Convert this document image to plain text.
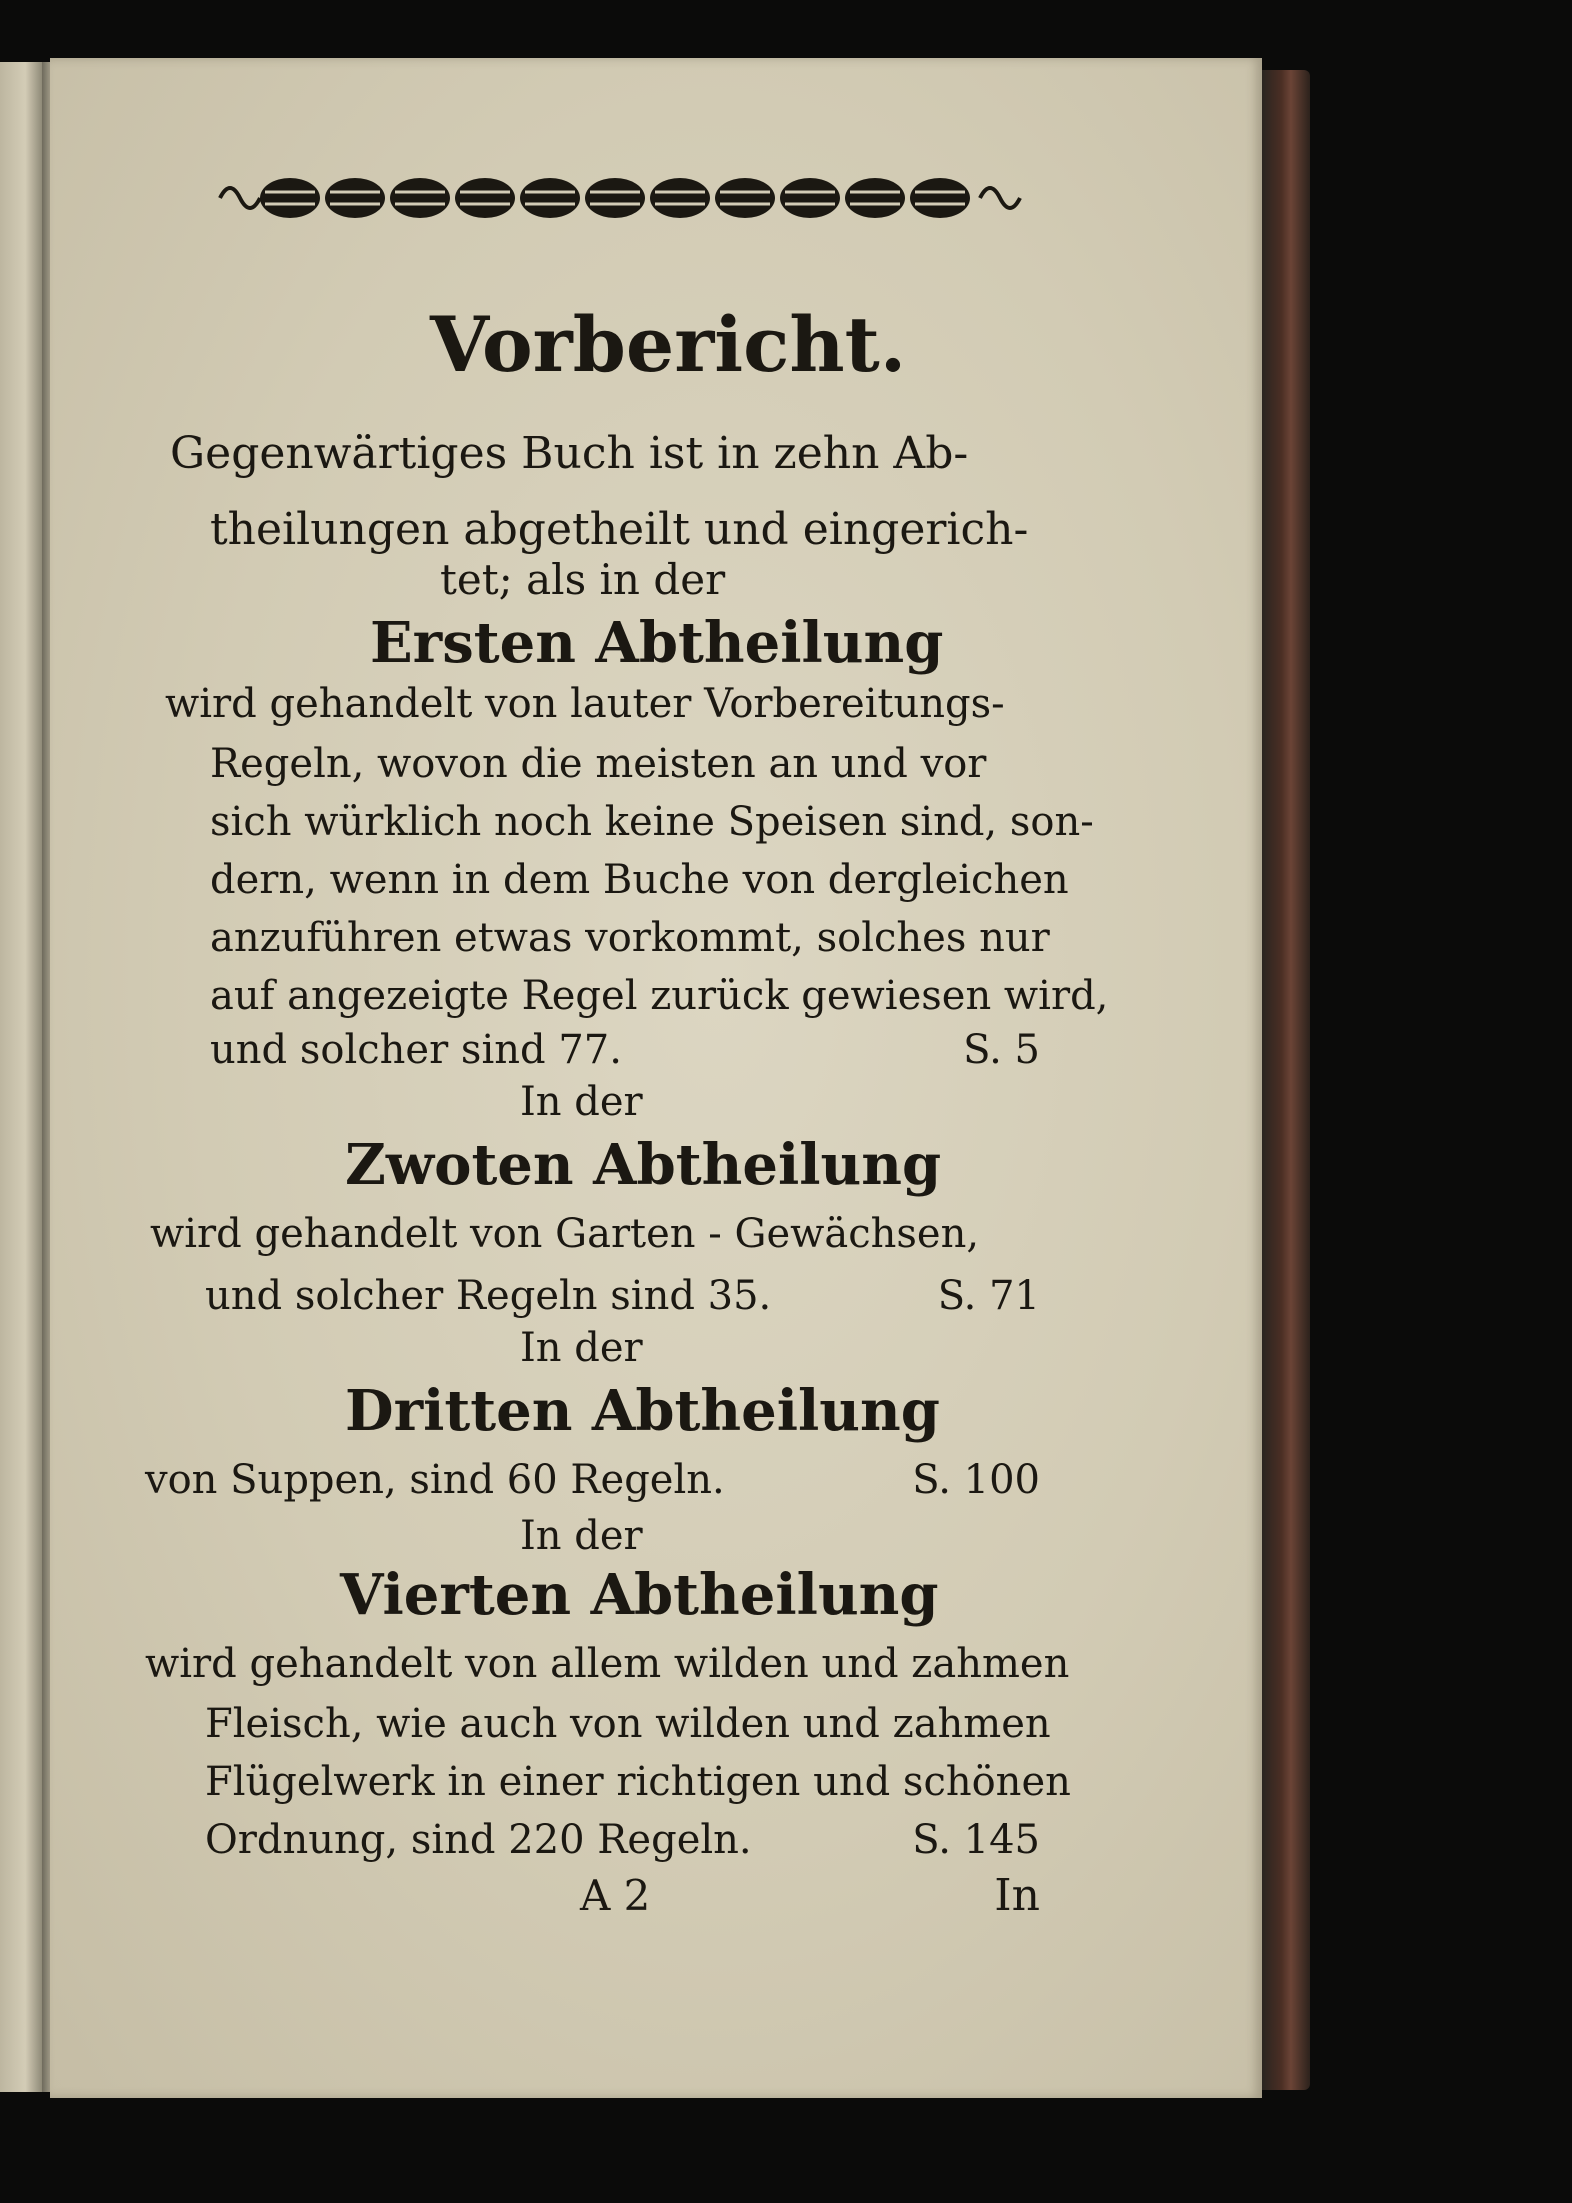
Vorbericht.
Gegenwärtiges Buch ist in zehn Ab-
theilungen abgetheilt und eingerich-
tet; als in der
Ersten Abtheilung
wird gehandelt von lauter Vorbereitungs-
Regeln, wovon die meisten an und vor
sich würklich noch keine Speisen sind, son-
dern, wenn in dem Buche von dergleichen
anzuführen etwas vorkommt, solches nur
auf angezeigte Regel zurück gewiesen wird,
und solcher sind 77.	S. 5
In der
Zwoten Abtheilung
wird gehandelt von Garten - Gewächsen,
und solcher Regeln sind 35.	S. 71
In der
Dritten Abtheilung
von Suppen, sind 60 Regeln.	S. 100
In der
Vierten Abtheilung
wird gehandelt von allem wilden und zahmen
Fleisch, wie auch von wilden und zahmen
Flügelwerk in einer richtigen und schönen
Ordnung, sind 220 Regeln.	S. 145
A 2	In
